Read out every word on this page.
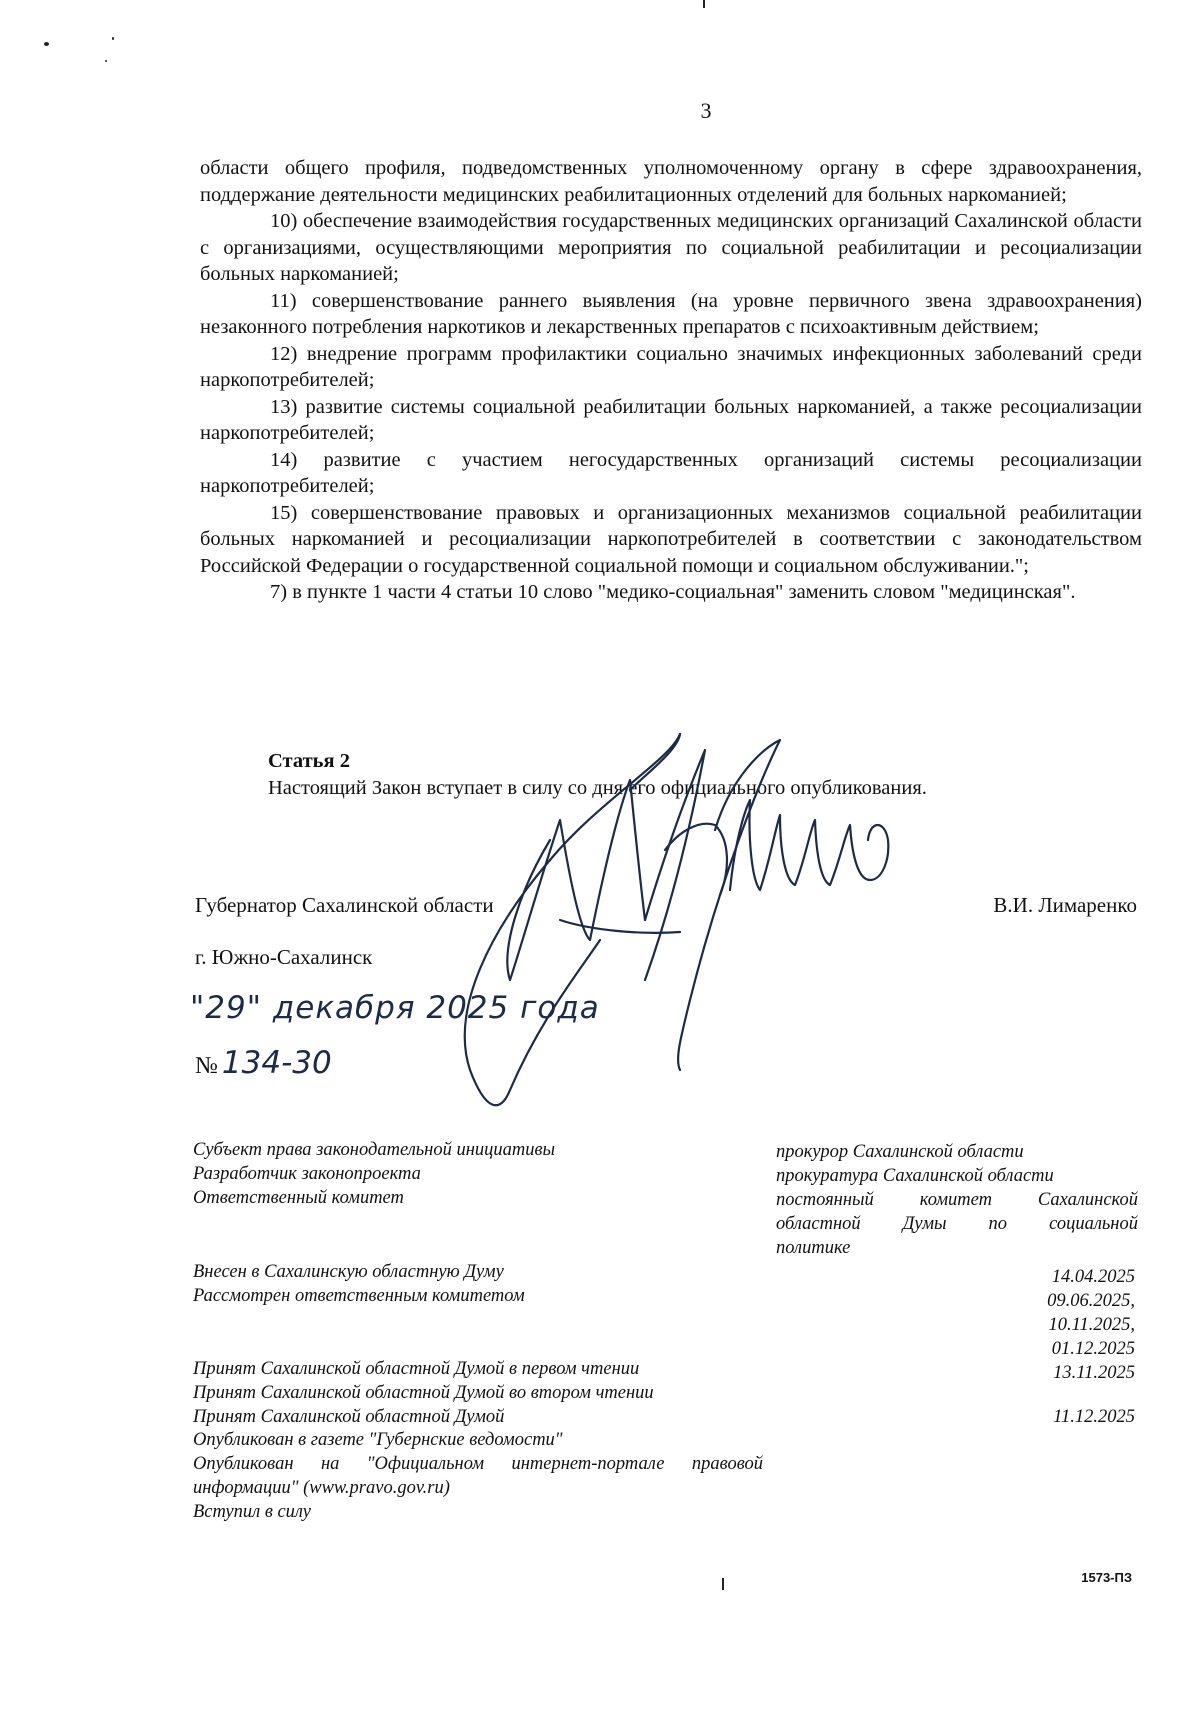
3

области общего профиля, подведомственных уполномоченному органу в сфере здравоохранения, поддержание деятельности медицинских реабилитационных отделений для больных наркоманией;

10) обеспечение взаимодействия государственных медицинских организаций Сахалинской области с организациями, осуществляющими мероприятия по социальной реабилитации и ресоциализации больных наркоманией;

11) совершенствование раннего выявления (на уровне первичного звена здравоохранения) незаконного потребления наркотиков и лекарственных препаратов с психоактивным действием;

12) внедрение программ профилактики социально значимых инфекционных заболеваний среди наркопотребителей;

13) развитие системы социальной реабилитации больных наркоманией, а также ресоциализации наркопотребителей;

14) развитие с участием негосударственных организаций системы ресоциализации наркопотребителей;

15) совершенствование правовых и организационных механизмов социальной реабилитации больных наркоманией и ресоциализации наркопотребителей в соответствии с законодательством Российской Федерации о государственной социальной помощи и социальном обслуживании.";

7) в пункте 1 части 4 статьи 10 слово "медико-социальная" заменить словом "медицинская".

Статья 2
Настоящий Закон вступает в силу со дня его официального опубликования.
Губернатор Сахалинской области	В.И. Лимаренко
г. Южно-Сахалинск
"29" декабря 2025 года
№ 134-30
Субъект права законодательной инициативы
Разработчик законопроекта
Ответственный комитет
прокурор Сахалинской области
прокуратура Сахалинской области
постоянный комитет Сахалинской
областной Думы по социальной
политике
Внесен в Сахалинскую областную Думу
Рассмотрен ответственным комитетом
14.04.2025
09.06.2025,
10.11.2025,
01.12.2025
13.11.2025
Принят Сахалинской областной Думой в первом чтении
Принят Сахалинской областной Думой во втором чтении
Принят Сахалинской областной Думой

	11.12.2025
Опубликован в газете "Губернские ведомости"
Опубликован на "Официальном интернет-портале правовой
информации" (www.pravo.gov.ru)
Вступил в силу
1573-ПЗ
